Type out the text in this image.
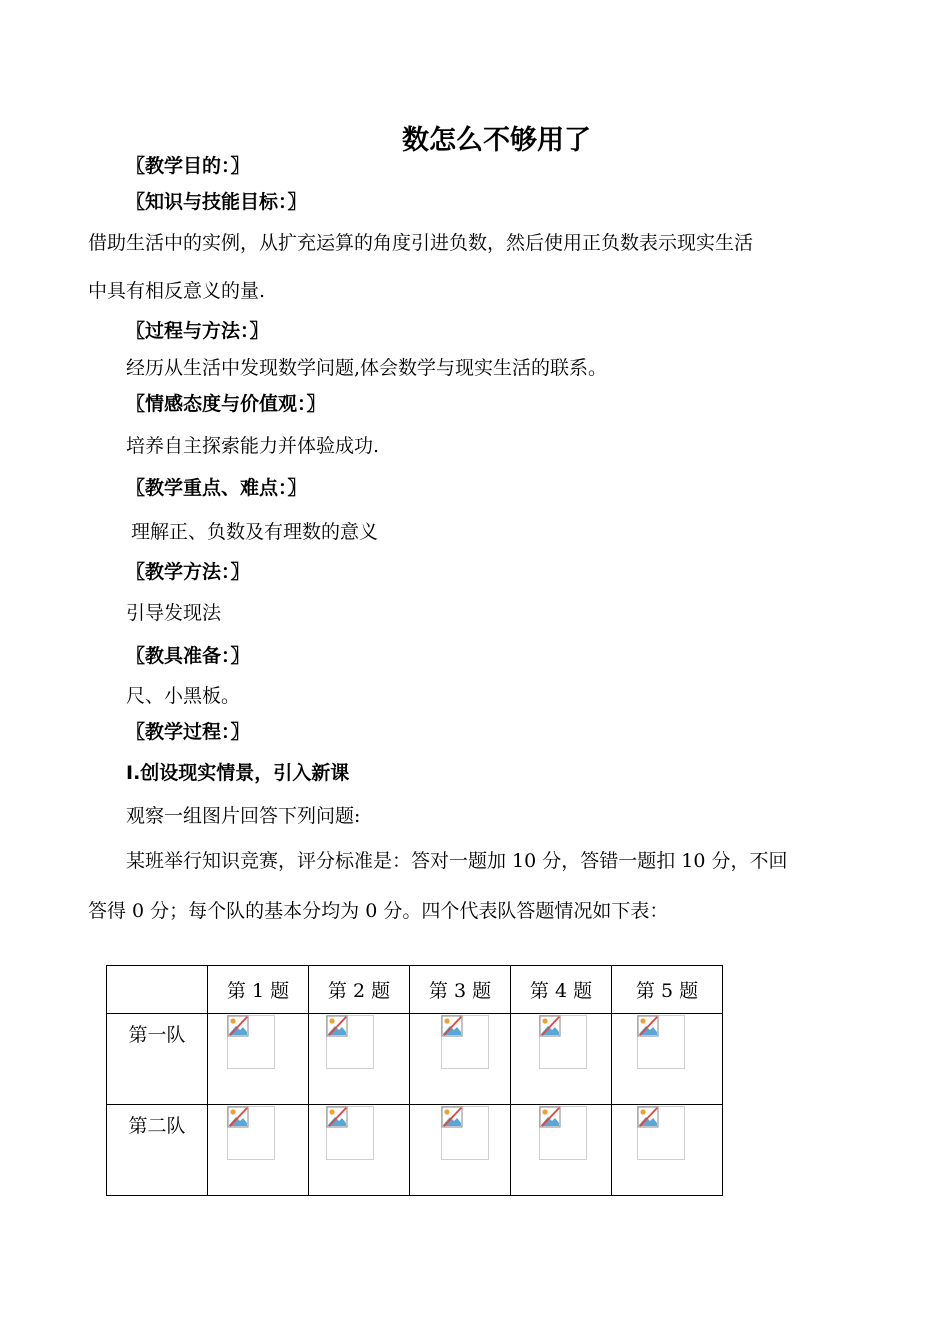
数怎么不够用了
〖教学目的：〗
〖知识与技能目标：〗
借助生活中的实例，从扩充运算的角度引进负数，然后使用正负数表示现实生活
中具有相反意义的量.
〖过程与方法：〗
经历从生活中发现数学问题,体会数学与现实生活的联系。
〖情感态度与价值观：〗
培养自主探索能力并体验成功.
〖教学重点、难点：〗
理解正、负数及有理数的意义
〖教学方法：〗
引导发现法
〖教具准备：〗
尺、小黑板。
〖教学过程：〗
Ⅰ.创设现实情景，引入新课
观察一组图片回答下列问题:
某班举行知识竞赛，评分标准是：答对一题加 10 分，答错一题扣 10 分，不回
答得 0 分；每个队的基本分均为 0 分。四个代表队答题情况如下表：
	第 1 题	第 2 题	第 3 题	第 4 题	第 5 题

第一队

第二队
